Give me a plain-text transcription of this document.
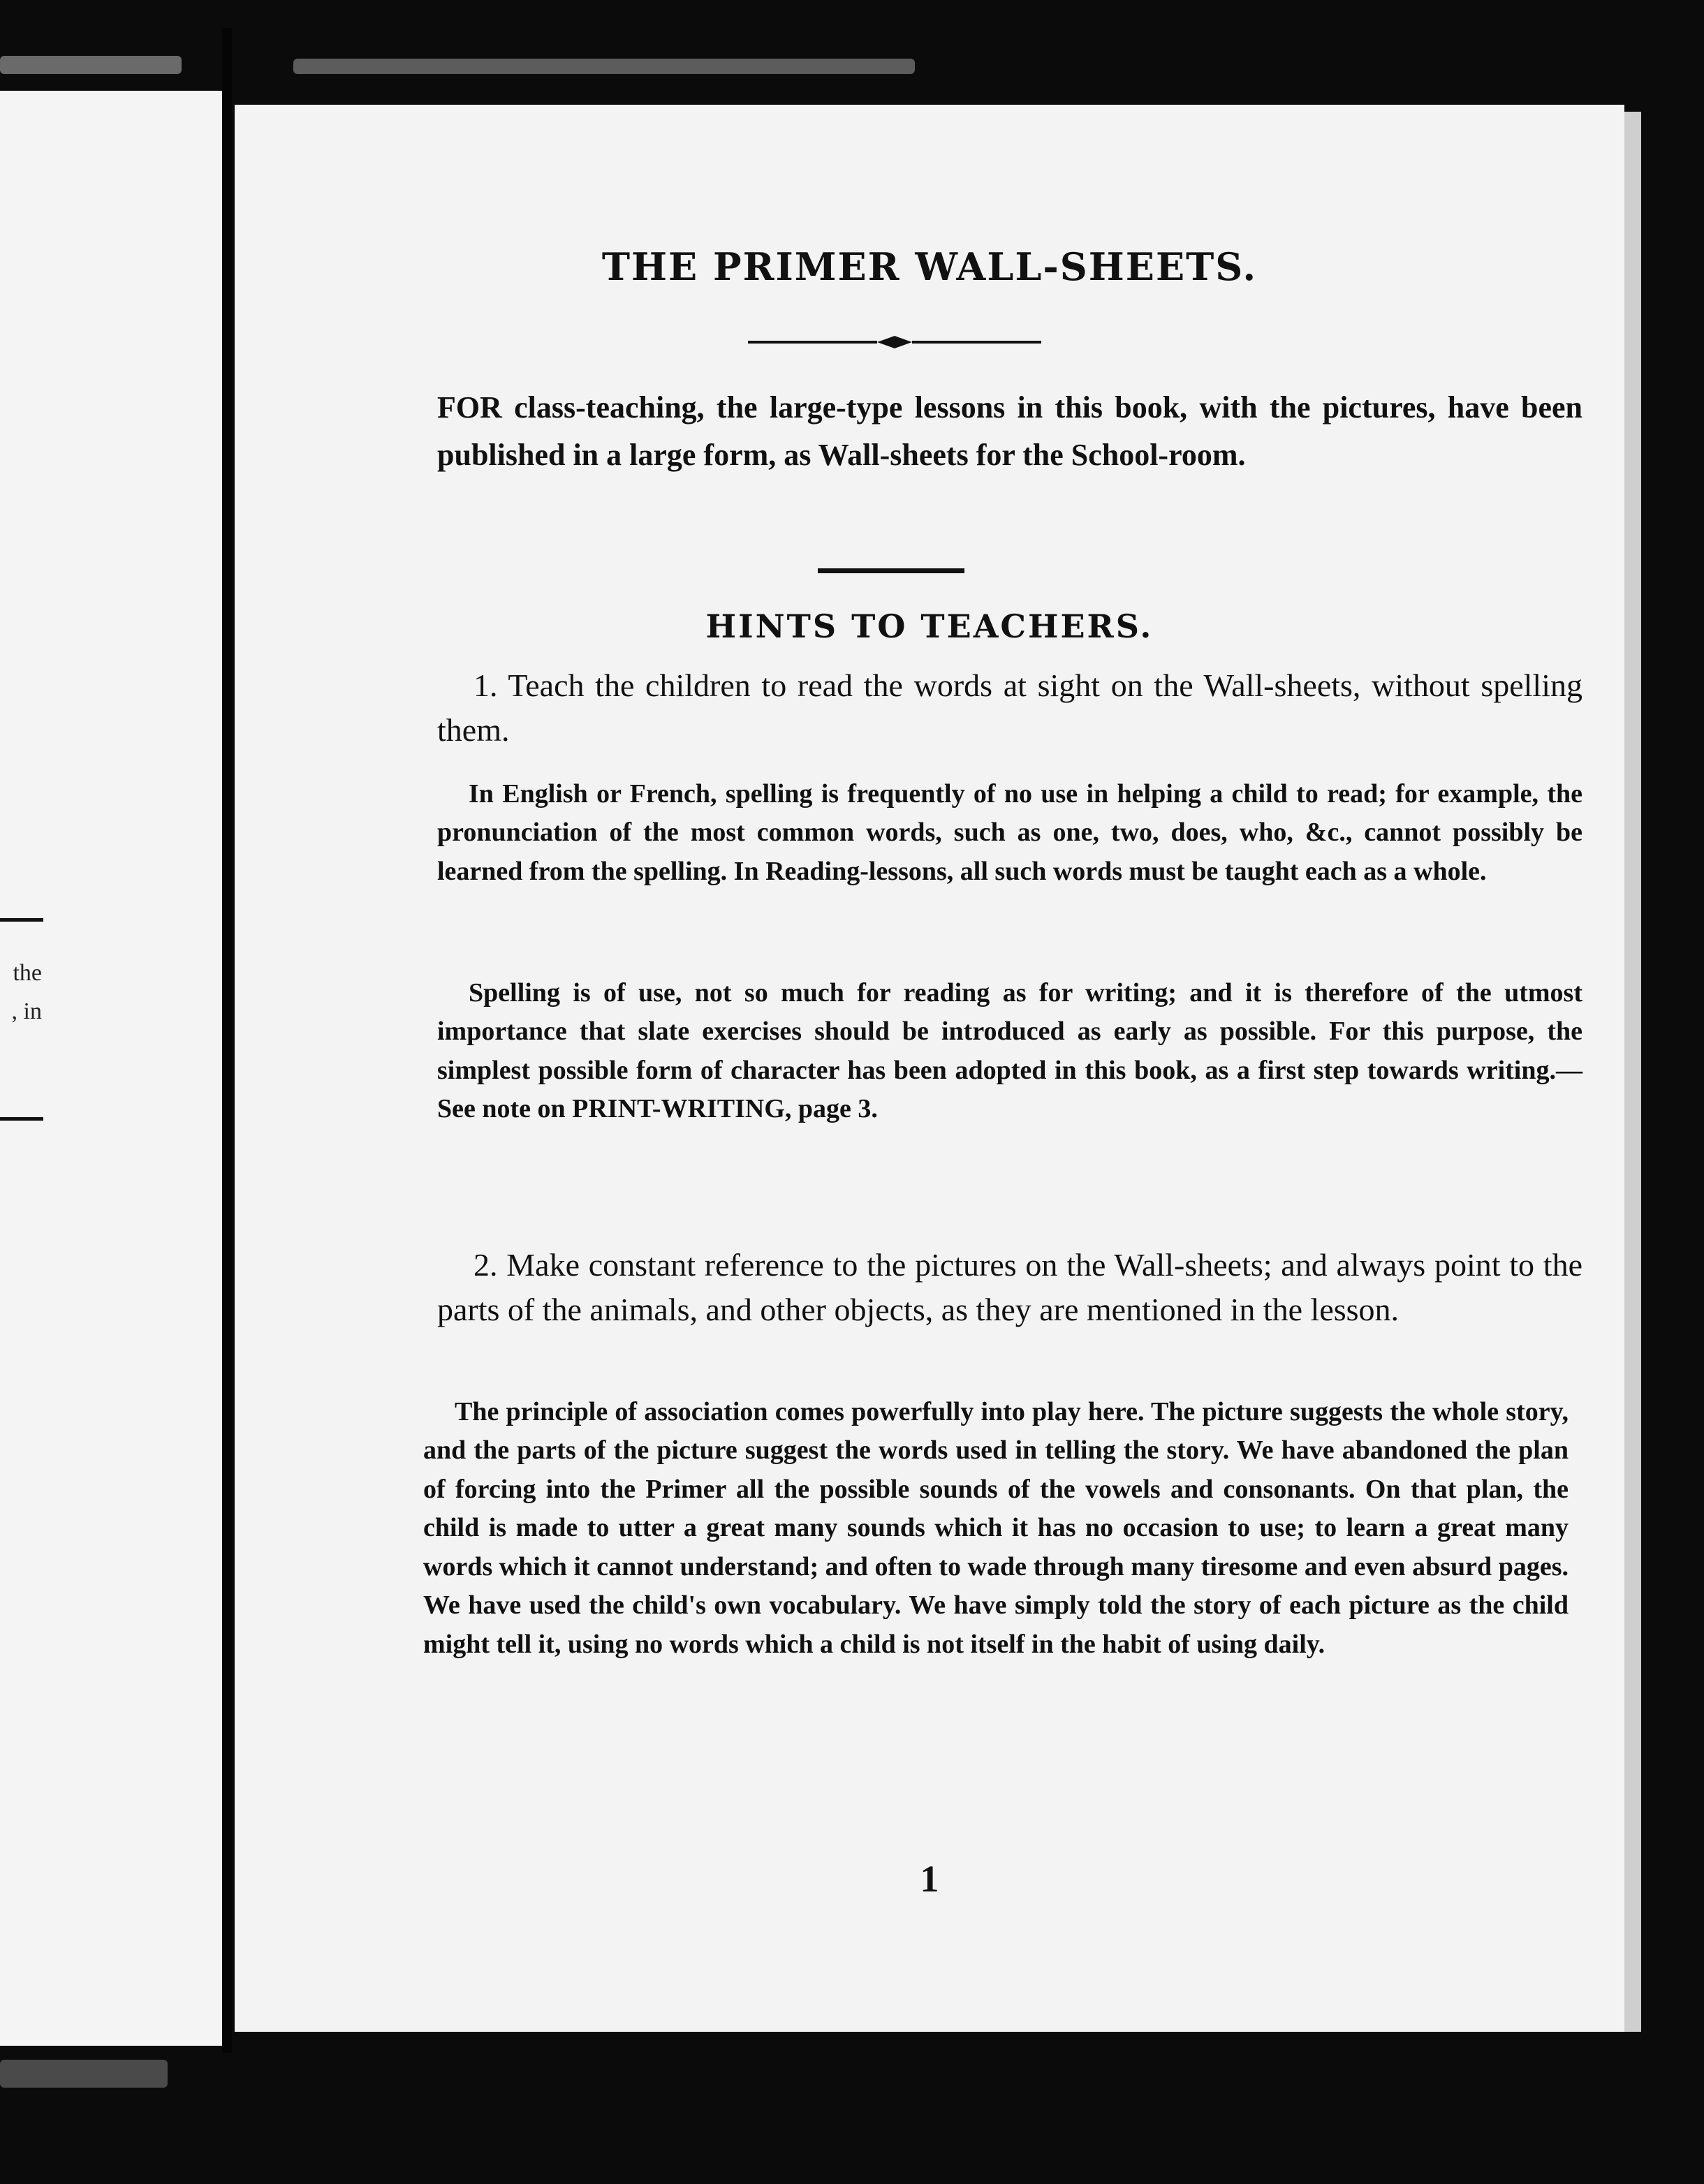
the
, in
THE PRIMER WALL-SHEETS.
FOR class-teaching, the large-type lessons in this book, with the pictures, have been published in a large form, as Wall-sheets for the School-room.
HINTS TO TEACHERS.
1. Teach the children to read the words at sight on the Wall-sheets, without spelling them.
In English or French, spelling is frequently of no use in helping a child to read; for example, the pronunciation of the most common words, such as one, two, does, who, &c., cannot possibly be learned from the spelling. In Reading-lessons, all such words must be taught each as a whole.
Spelling is of use, not so much for reading as for writing; and it is therefore of the utmost importance that slate exercises should be introduced as early as possible. For this purpose, the simplest possible form of character has been adopted in this book, as a first step towards writing.—See note on PRINT-WRITING, page 3.
2. Make constant reference to the pictures on the Wall-sheets; and always point to the parts of the animals, and other objects, as they are mentioned in the lesson.
The principle of association comes powerfully into play here. The picture suggests the whole story, and the parts of the picture suggest the words used in telling the story. We have abandoned the plan of forcing into the Primer all the possible sounds of the vowels and consonants. On that plan, the child is made to utter a great many sounds which it has no occasion to use; to learn a great many words which it cannot understand; and often to wade through many tiresome and even absurd pages. We have used the child's own vocabulary. We have simply told the story of each picture as the child might tell it, using no words which a child is not itself in the habit of using daily.
1
